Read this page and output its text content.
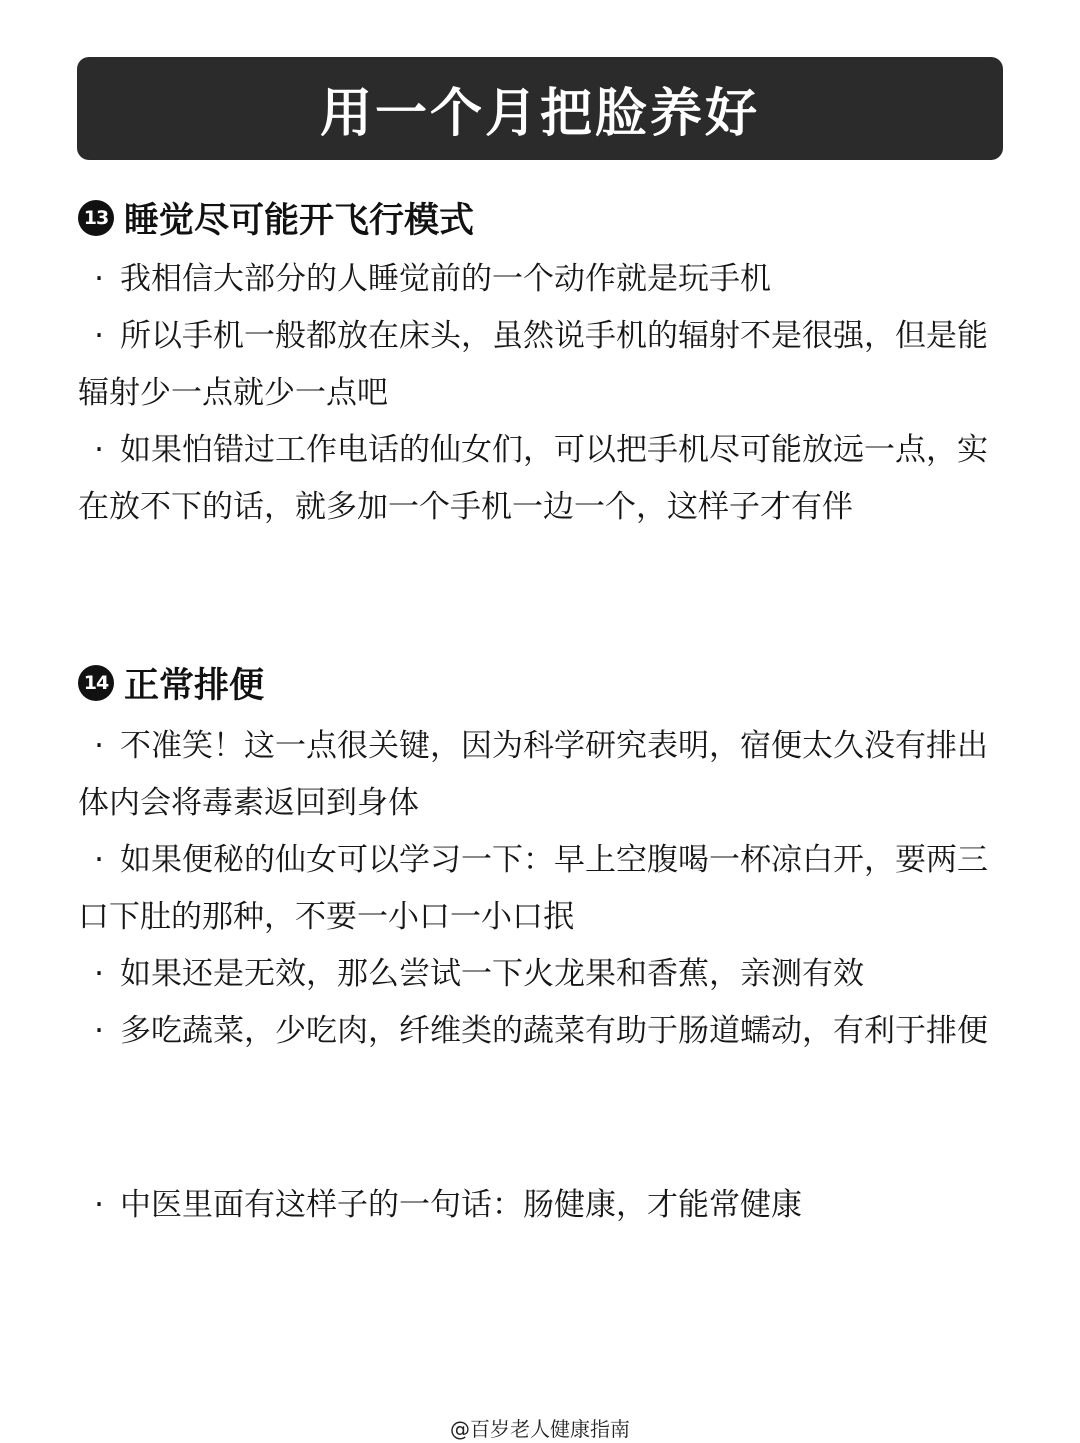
用一个月把脸养好
13 睡觉尽可能开飞行模式

· 我相信大部分的人睡觉前的一个动作就是玩手机

· 所以手机一般都放在床头，虽然说手机的辐射不是很强，但是能辐射少一点就少一点吧

· 如果怕错过工作电话的仙女们，可以把手机尽可能放远一点，实在放不下的话，就多加一个手机一边一个，这样子才有伴

14 正常排便

· 不准笑！这一点很关键，因为科学研究表明，宿便太久没有排出体内会将毒素返回到身体

· 如果便秘的仙女可以学习一下：早上空腹喝一杯凉白开，要两三口下肚的那种，不要一小口一小口抿

· 如果还是无效，那么尝试一下火龙果和香蕉，亲测有效

· 多吃蔬菜，少吃肉，纤维类的蔬菜有助于肠道蠕动，有利于排便

· 中医里面有这样子的一句话：肠健康，才能常健康

@百岁老人健康指南
